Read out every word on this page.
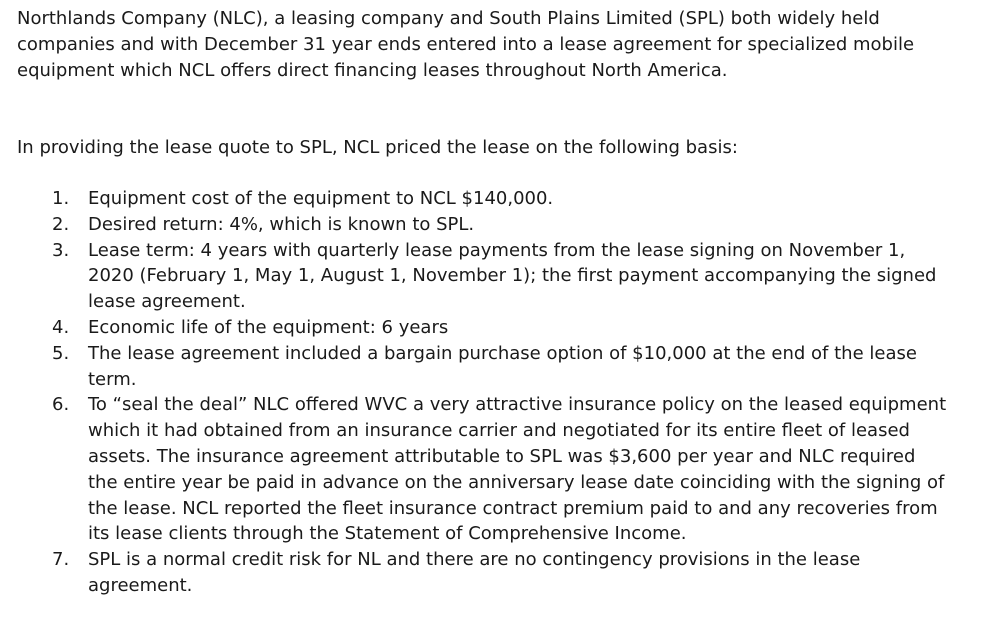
Northlands Company (NLC), a leasing company and South Plains Limited (SPL) both widely held companies and with December 31 year ends entered into a lease agreement for specialized mobile equipment which NCL offers direct financing leases throughout North America.

In providing the lease quote to SPL, NCL priced the lease on the following basis:

1.	Equipment cost of the equipment to NCL $140,000.
2.	Desired return: 4%, which is known to SPL.
3.	Lease term: 4 years with quarterly lease payments from the lease signing on November 1, 2020 (February 1, May 1, August 1, November 1); the first payment accompanying the signed lease agreement.
4.	Economic life of the equipment: 6 years
5.	The lease agreement included a bargain purchase option of $10,000 at the end of the lease term.
6.	To “seal the deal” NLC offered WVC a very attractive insurance policy on the leased equipment which it had obtained from an insurance carrier and negotiated for its entire fleet of leased assets. The insurance agreement attributable to SPL was $3,600 per year and NLC required the entire year be paid in advance on the anniversary lease date coinciding with the signing of the lease. NCL reported the fleet insurance contract premium paid to and any recoveries from its lease clients through the Statement of Comprehensive Income.
7.	SPL is a normal credit risk for NL and there are no contingency provisions in the lease agreement.
